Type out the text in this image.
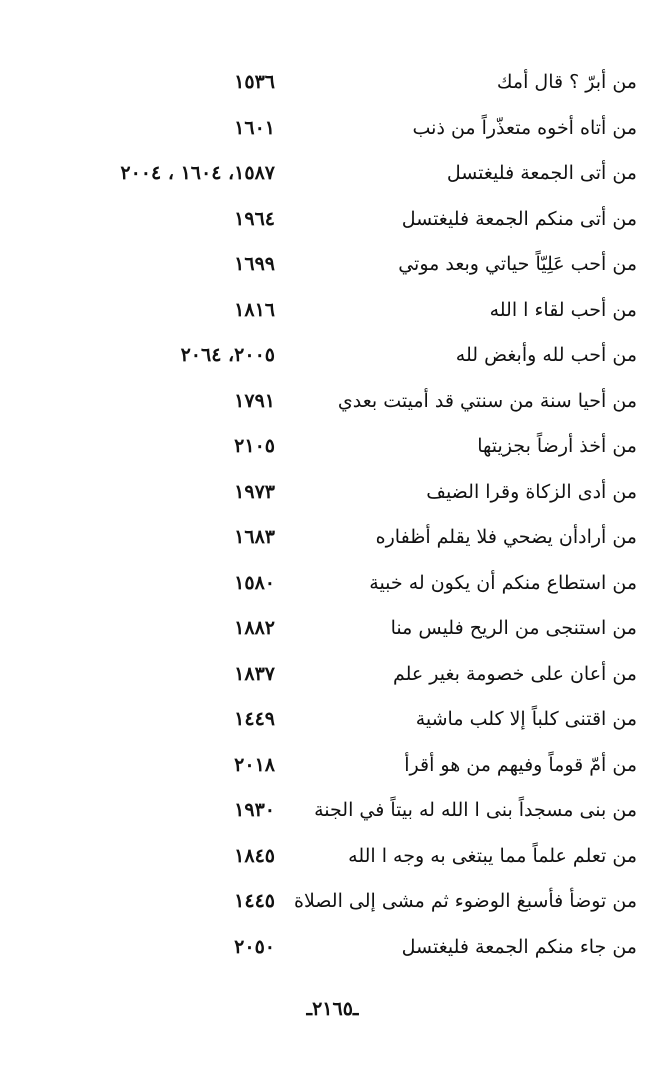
من أبرّ ؟ قال أمك
١٥٣٦
من أتاه أخوه متعذّراً من ذنب
١٦٠١
من أتى الجمعة فليغتسل
١٥٨٧، ١٦٠٤ ، ٢٠٠٤
من أتى منكم الجمعة فليغتسل
١٩٦٤
من أحب عَلِيّاً حياتي وبعد موتي
١٦٩٩
من أحب لقاء ا الله
١٨١٦
من أحب لله وأبغض لله
٢٠٠٥، ٢٠٦٤
من أحيا سنة من سنتي قد أميتت بعدي
١٧٩١
من أخذ أرضاً بجزيتها
٢١٠٥
من أدى الزكاة وقرا الضيف
١٩٧٣
من أرادأن يضحي فلا يقلم أظفاره
١٦٨٣
من استطاع منكم أن يكون له خبية
١٥٨٠
من استنجى من الريح فليس منا
١٨٨٢
من أعان على خصومة بغير علم
١٨٣٧
من اقتنى كلباً إلا كلب ماشية
١٤٤٩
من أمّ قوماً وفيهم من هو أقرأ
٢٠١٨
من بنى مسجداً بنى ا الله له بيتاً في الجنة
١٩٣٠
من تعلم علماً مما يبتغى به وجه ا الله
١٨٤٥
من توضأ فأسبغ الوضوء ثم مشى إلى الصلاة
١٤٤٥
من جاء منكم الجمعة فليغتسل
٢٠٥٠
ـ٢١٦٥ـ
